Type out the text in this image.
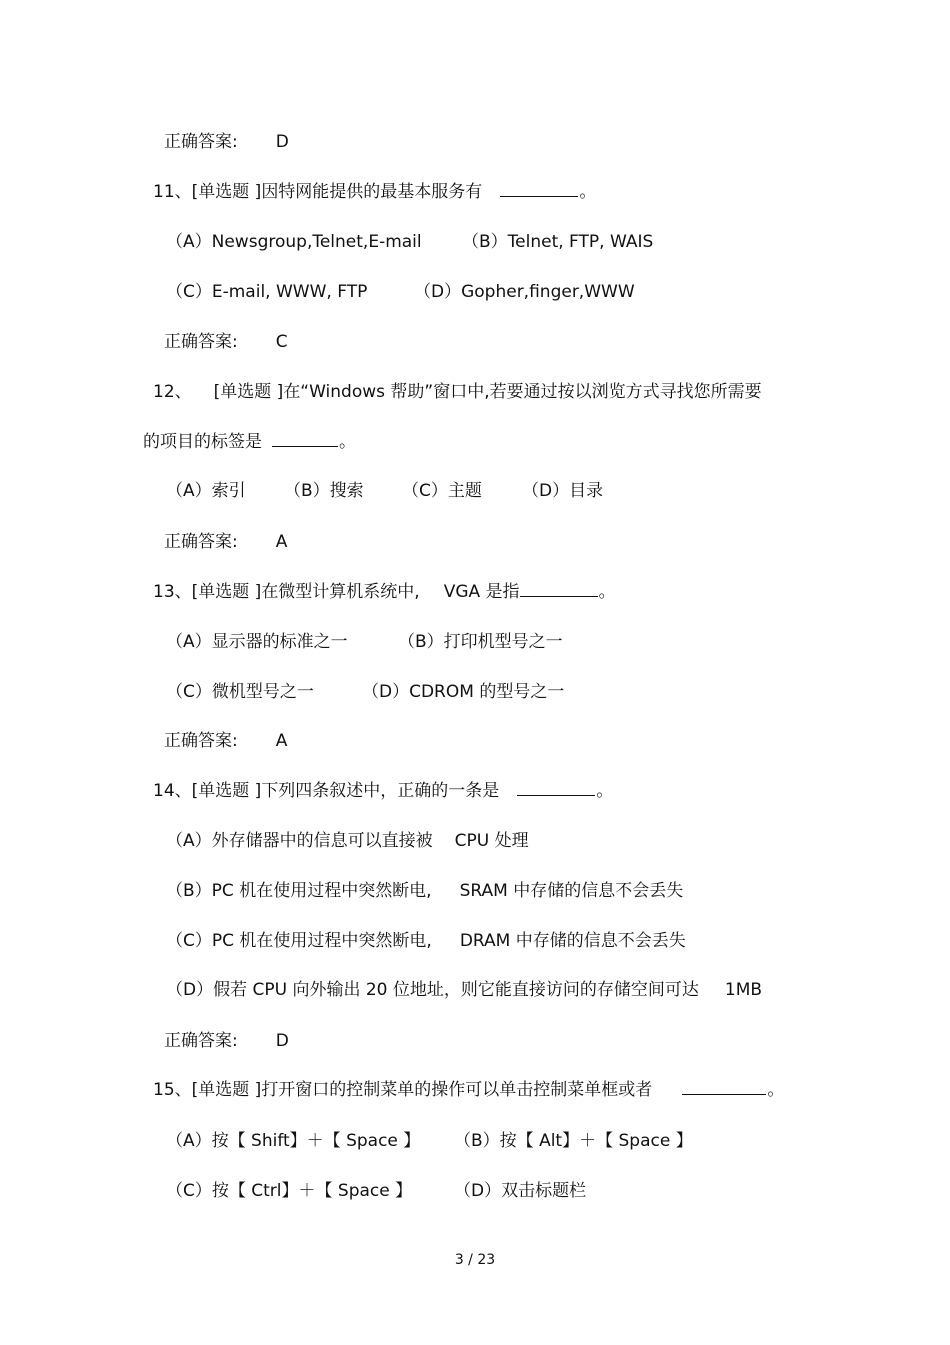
正确答案: D
11、[单选题 ]因特网能提供的最基本服务有	。
（A）Newsgroup,Telnet,E-mail （B）Telnet, FTP, WAIS
（C）E-mail, WWW, FTP	（D）Gopher,finger,WWW
正确答案: C
12、 [单选题 ]在“Windows 帮助”窗口中,若要通过按以浏览方式寻找您所需要
的项目的标签是	。
（A）索引 （B）搜索 （C）主题 （D）目录
正确答案: A
13、[单选题 ]在微型计算机系统中, VGA 是指	。
（A）显示器的标准之一	（B）打印机型号之一
（C）微机型号之一	（D）CDROM 的型号之一
正确答案: A
14、[单选题 ]下列四条叙述中，正确的一条是	。
（A）外存储器中的信息可以直接被 CPU 处理
（B）PC 机在使用过程中突然断电, SRAM 中存储的信息不会丢失
（C）PC 机在使用过程中突然断电, DRAM 中存储的信息不会丢失
（D）假若 CPU 向外输出 20 位地址，则它能直接访问的存储空间可达 1MB
正确答案: D
15、[单选题 ]打开窗口的控制菜单的操作可以单击控制菜单框或者	。
（A）按【 Shift】＋【 Space 】 （B）按【 Alt】＋【 Space 】
（C）按【 Ctrl】＋【 Space 】 （D）双击标题栏
3 / 23
